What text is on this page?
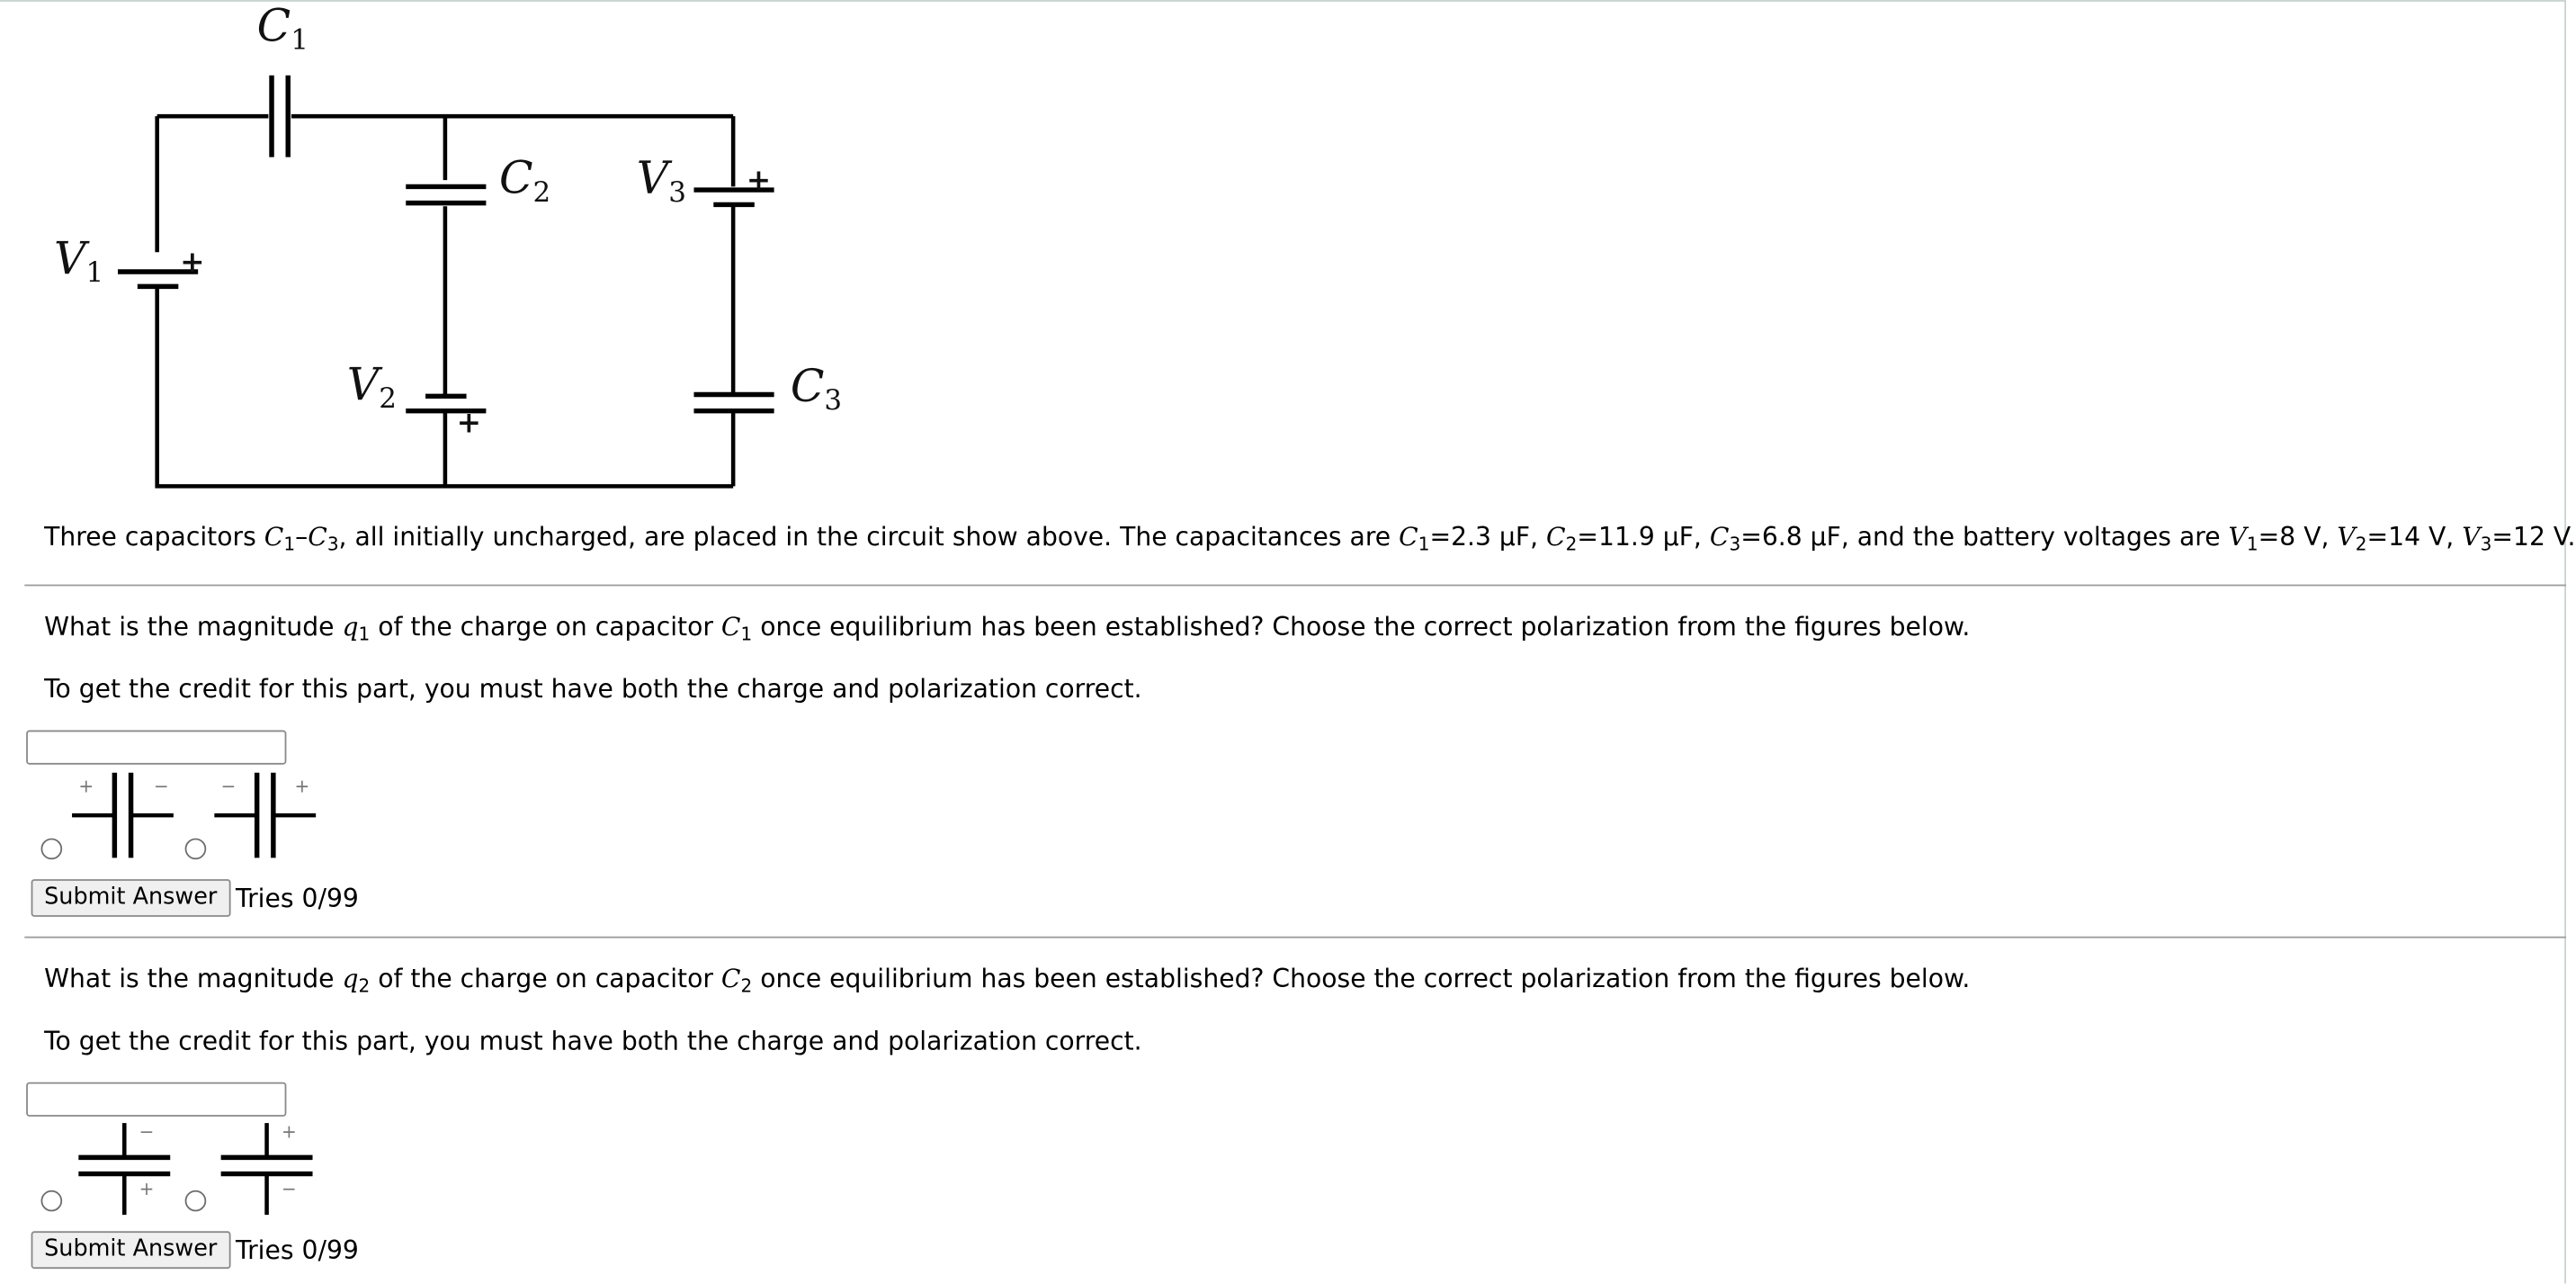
+
+
+
C1
C2
C3
V1
V2
V3
Three capacitors $C_1-C_3$, all initially uncharged, are placed in the circuit show above. The capacitances are $C_1=2.3$ μF, $C_2=11.9$ μF, $C_3=6.8$ μF, and the battery voltages are $V_1=8$ V, $V_2=14$ V, $V_3=12$ V.
What is the magnitude $q_1$ of the charge on capacitor $C_1$ once equilibrium has been established? Choose the correct polarization from the figures below.
To get the credit for this part, you must have both the charge and polarization correct.
+	−	−	+
Submit Answer	Tries 0/99
What is the magnitude $q_2$ of the charge on capacitor $C_2$ once equilibrium has been established? Choose the correct polarization from the figures below.
To get the credit for this part, you must have both the charge and polarization correct.
−
+
+
−
Submit Answer	Tries 0/99
